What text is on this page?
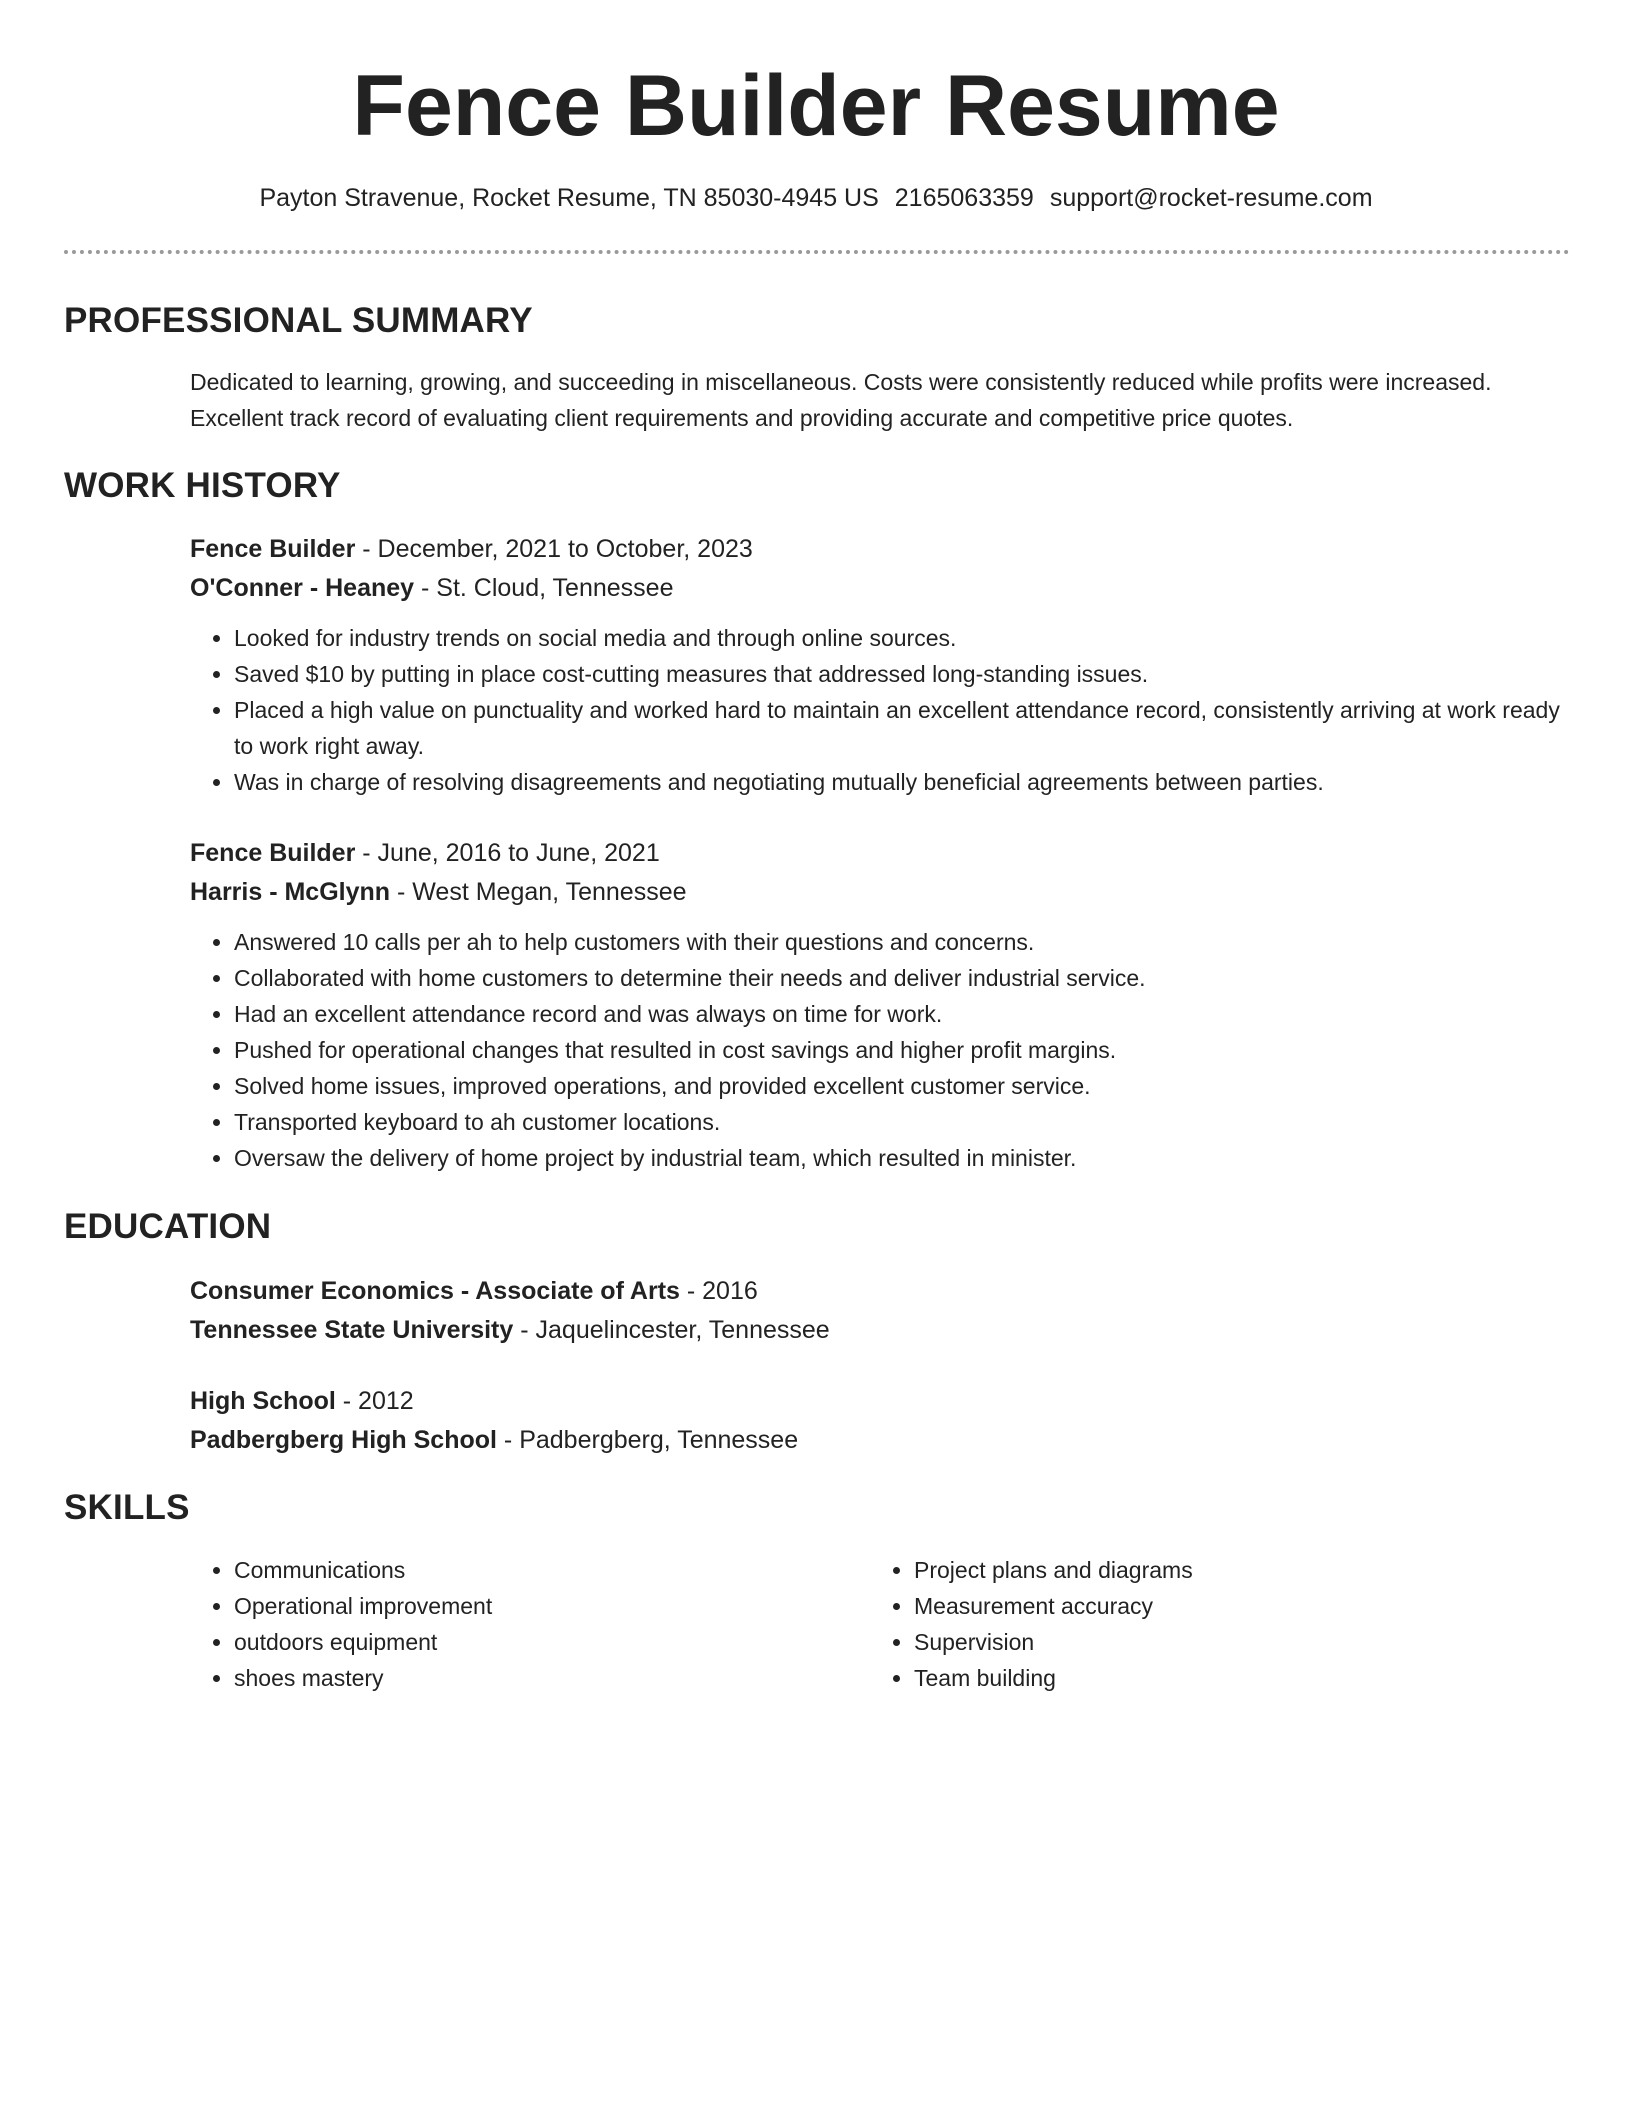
Fence Builder Resume
Payton Stravenue, Rocket Resume, TN 85030-4945 US 2165063359 support@rocket-resume.com
PROFESSIONAL SUMMARY

Dedicated to learning, growing, and succeeding in miscellaneous. Costs were consistently reduced while profits were increased. Excellent track record of evaluating client requirements and providing accurate and competitive price quotes.

WORK HISTORY

Fence Builder - December, 2021 to October, 2023

O'Conner - Heaney - St. Cloud, Tennessee

• Looked for industry trends on social media and through online sources.
• Saved $10 by putting in place cost-cutting measures that addressed long-standing issues.
• Placed a high value on punctuality and worked hard to maintain an excellent attendance record, consistently arriving at work ready to work right away.
• Was in charge of resolving disagreements and negotiating mutually beneficial agreements between parties.

Fence Builder - June, 2016 to June, 2021

Harris - McGlynn - West Megan, Tennessee

• Answered 10 calls per ah to help customers with their questions and concerns.
• Collaborated with home customers to determine their needs and deliver industrial service.
• Had an excellent attendance record and was always on time for work.
• Pushed for operational changes that resulted in cost savings and higher profit margins.
• Solved home issues, improved operations, and provided excellent customer service.
• Transported keyboard to ah customer locations.
• Oversaw the delivery of home project by industrial team, which resulted in minister.
EDUCATION

Consumer Economics - Associate of Arts - 2016

Tennessee State University - Jaquelincester, Tennessee

High School - 2012

Padbergberg High School - Padbergberg, Tennessee

SKILLS
• Communications
• Operational improvement
• outdoors equipment
• shoes mastery
• Project plans and diagrams
• Measurement accuracy
• Supervision
• Team building
